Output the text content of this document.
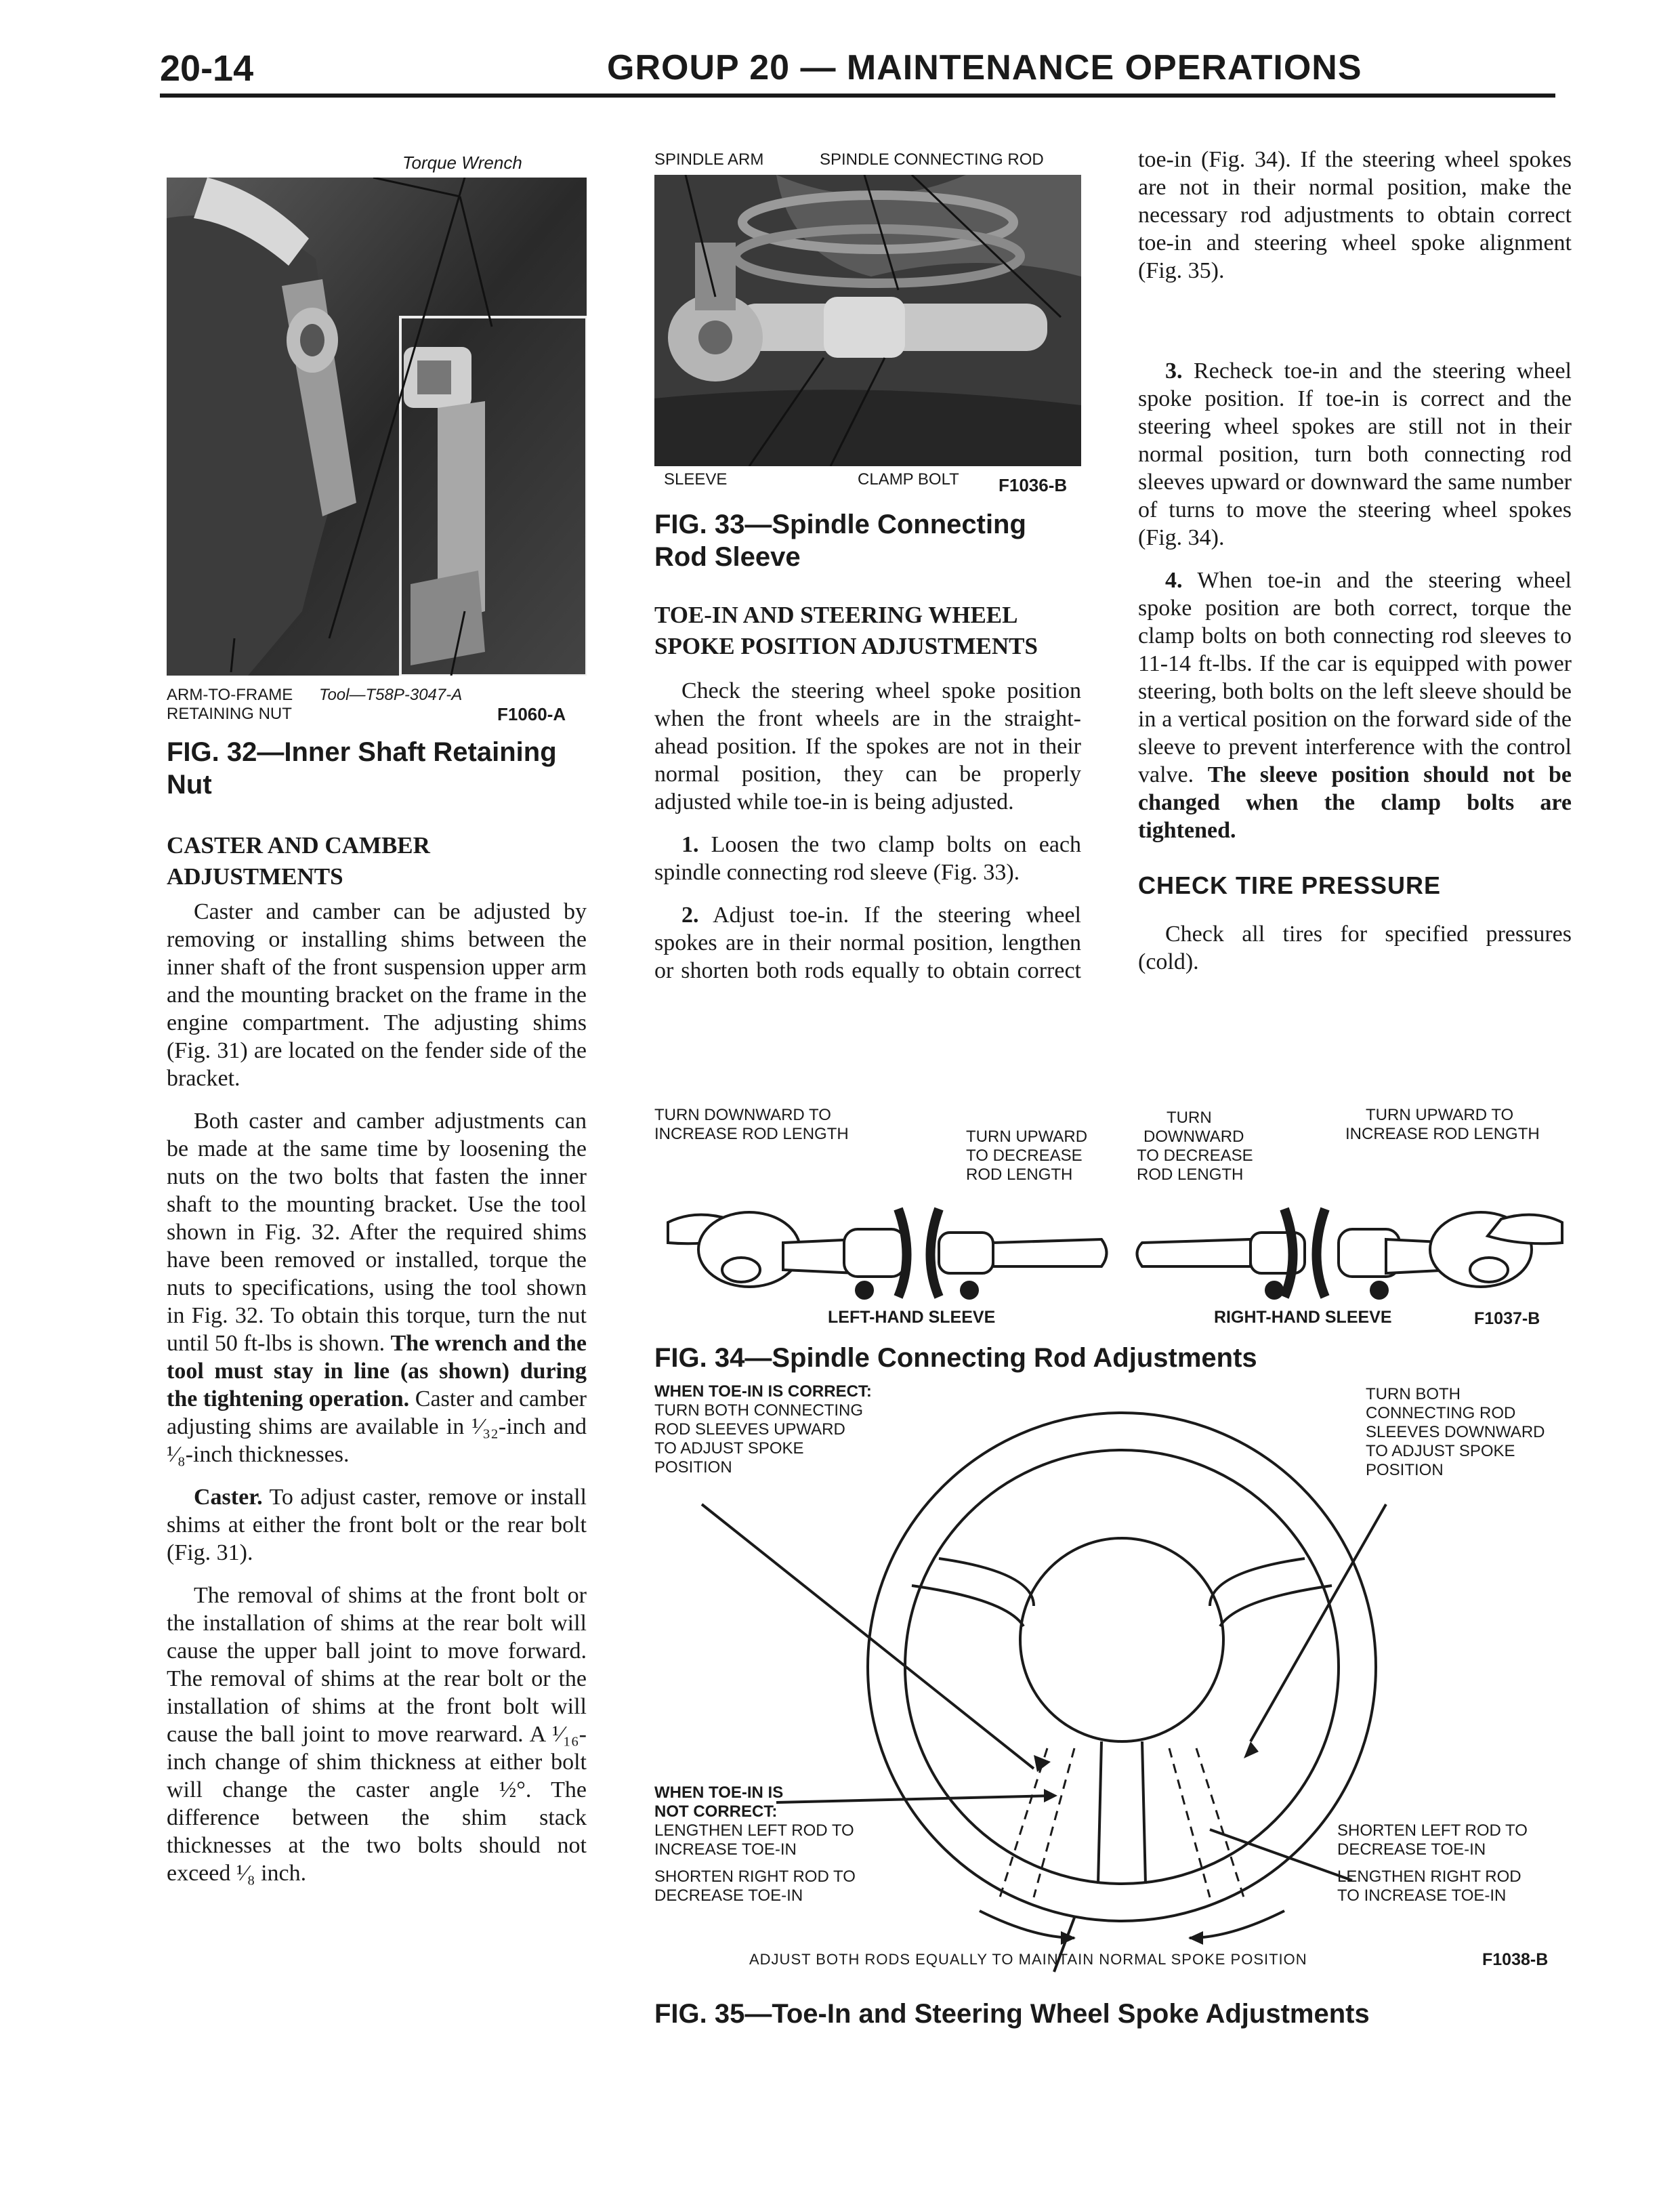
20-14	GROUP 20 — MAINTENANCE OPERATIONS
Torque Wrench
ARM-TO-FRAME
RETAINING NUT
Tool—T58P-3047-A
F1060-A
FIG. 32—Inner Shaft Retaining Nut
CASTER AND CAMBER ADJUSTMENTS

Caster and camber can be adjusted by removing or installing shims between the inner shaft of the front suspension upper arm and the mounting bracket on the frame in the engine compartment. The adjusting shims (Fig. 31) are located on the fender side of the bracket.

Both caster and camber adjustments can be made at the same time by loosening the nuts on the two bolts that fasten the inner shaft to the mounting bracket. Use the tool shown in Fig. 32. After the required shims have been removed or installed, torque the nuts to specifications, using the tool shown in Fig. 32. To obtain this torque, turn the nut until 50 ft-lbs is shown. The wrench and the tool must stay in line (as shown) during the tightening operation. Caster and camber adjusting shims are available in ¹⁄₃₂-inch and ¹⁄₈-inch thicknesses.

Caster. To adjust caster, remove or install shims at either the front bolt or the rear bolt (Fig. 31).

The removal of shims at the front bolt or the installation of shims at the rear bolt will cause the upper ball joint to move forward. The removal of shims at the rear bolt or the installation of shims at the front bolt will cause the ball joint to move rearward. A ¹⁄₁₆-inch change of shim thickness at either bolt will change the caster angle ½°. The difference between the shim stack thicknesses at the two bolts should not exceed ¹⁄₈ inch.

SPINDLE ARM	SPINDLE CONNECTING ROD
SLEEVE	CLAMP BOLT F1036-B
FIG. 33—Spindle Connecting Rod Sleeve
TOE-IN AND STEERING WHEEL SPOKE POSITION ADJUSTMENTS

Check the steering wheel spoke position when the front wheels are in the straight-ahead position. If the spokes are not in their normal position, they can be properly adjusted while toe-in is being adjusted.

1. Loosen the two clamp bolts on each spindle connecting rod sleeve (Fig. 33).

2. Adjust toe-in. If the steering wheel spokes are in their normal position, lengthen or shorten both rods equally to obtain correct

toe-in (Fig. 34). If the steering wheel spokes are not in their normal position, make the necessary rod adjustments to obtain correct toe-in and steering wheel spoke alignment (Fig. 35).

3. Recheck toe-in and the steering wheel spoke position. If toe-in is correct and the steering wheel spokes are still not in their normal position, turn both connecting rod sleeves upward or downward the same number of turns to move the steering wheel spokes (Fig. 34).

4. When toe-in and the steering wheel spoke position are both correct, torque the clamp bolts on both connecting rod sleeves to 11-14 ft-lbs. If the car is equipped with power steering, both bolts on the left sleeve should be in a vertical position on the forward side of the sleeve to prevent interference with the control valve. The sleeve position should not be changed when the clamp bolts are tightened.

CHECK TIRE PRESSURE

Check all tires for specified pressures (cold).

TURN DOWNWARD TO
INCREASE ROD LENGTH	TURN UPWARD
TO DECREASE
ROD LENGTH
TURN
DOWNWARD
TO DECREASE
ROD LENGTH
TURN UPWARD TO
INCREASE ROD LENGTH
LEFT-HAND SLEEVE	RIGHT-HAND SLEEVE	F1037-B
FIG. 34—Spindle Connecting Rod Adjustments
WHEN TOE-IN IS CORRECT:
TURN BOTH CONNECTING
ROD SLEEVES UPWARD
TO ADJUST SPOKE
POSITION
TURN BOTH
CONNECTING ROD
SLEEVES DOWNWARD
TO ADJUST SPOKE
POSITION
WHEN TOE-IN IS
NOT CORRECT:
LENGTHEN LEFT ROD TO
INCREASE TOE-IN
SHORTEN RIGHT ROD TO
DECREASE TOE-IN
SHORTEN LEFT ROD TO
DECREASE TOE-IN
LENGTHEN RIGHT ROD
TO INCREASE TOE-IN
ADJUST BOTH RODS EQUALLY TO MAINTAIN NORMAL SPOKE POSITION	F1038-B
FIG. 35—Toe-In and Steering Wheel Spoke Adjustments
